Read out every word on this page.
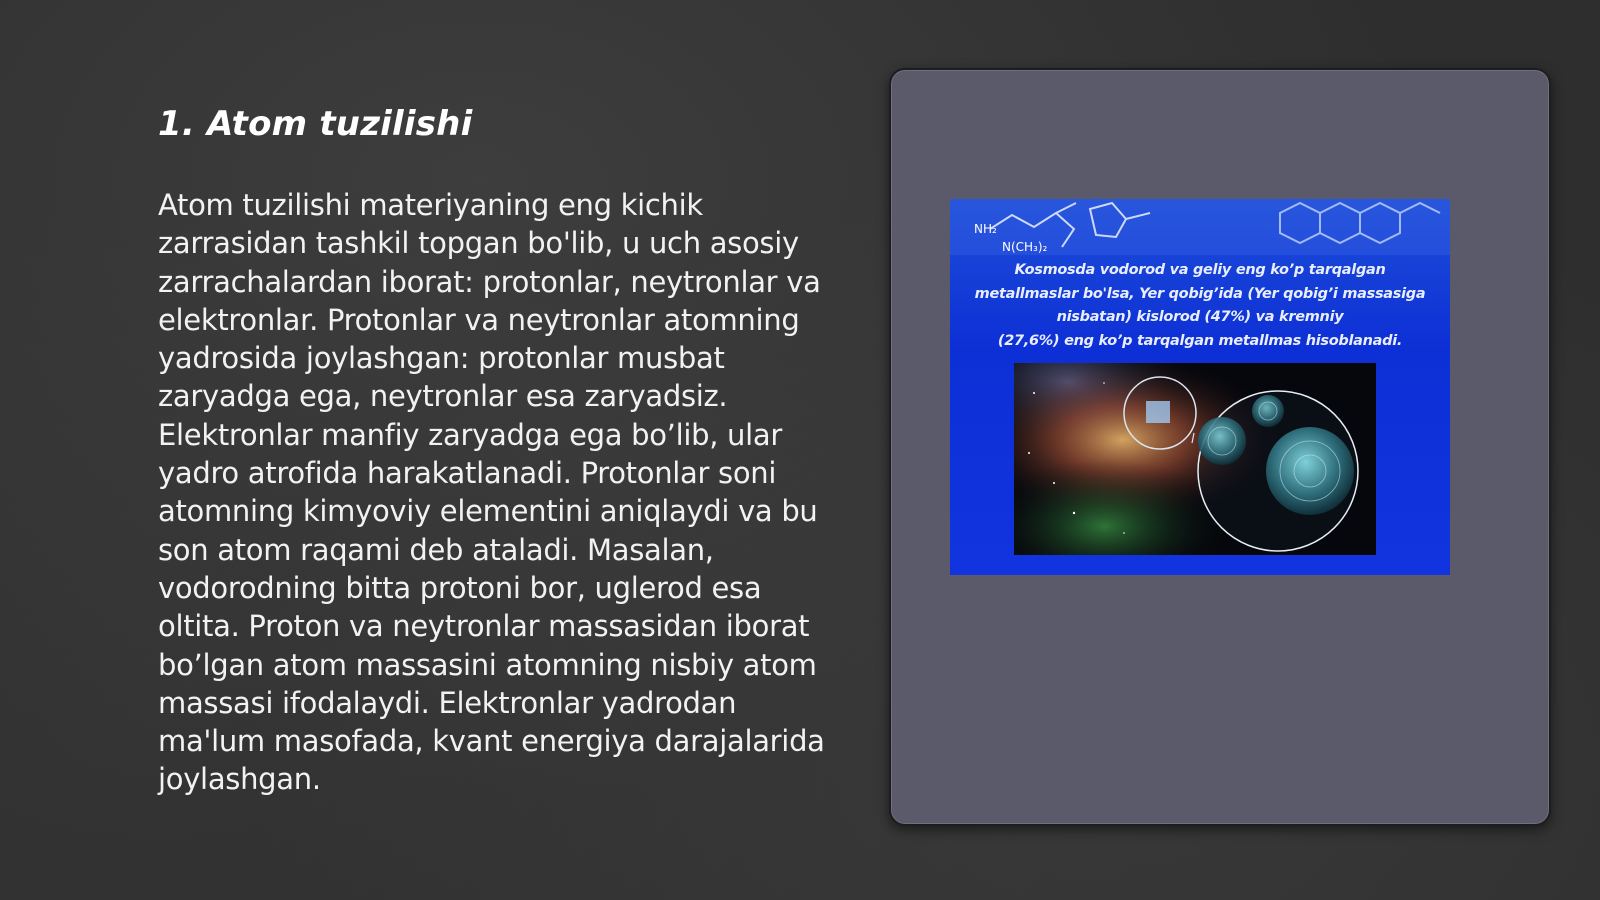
1. Atom tuzilishi

Atom tuzilishi materiyaning eng kichik zarrasidan tashkil topgan bo'lib, u uch asosiy zarrachalardan iborat: protonlar, neytronlar va elektronlar. Protonlar va neytronlar atomning yadrosida joylashgan: protonlar musbat zaryadga ega, neytronlar esa zaryadsiz. Elektronlar manfiy zaryadga ega bo’lib, ular yadro atrofida harakatlanadi. Protonlar soni atomning kimyoviy elementini aniqlaydi va bu son atom raqami deb ataladi. Masalan, vodorodning bitta protoni bor, uglerod esa oltita. Proton va neytronlar massasidan iborat bo’lgan atom massasini atomning nisbiy atom massasi ifodalaydi. Elektronlar yadrodan ma'lum masofada, kvant energiya darajalarida joylashgan.

NH₂
N(CH₃)₂
Kosmosda vodorod va geliy eng ko’p tarqalgan
metallmaslar bo'lsa, Yer qobig’ida (Yer qobig’i massasiga
nisbatan) kislorod (47%) va kremniy
(27,6%) eng ko’p tarqalgan metallmas hisoblanadi.
